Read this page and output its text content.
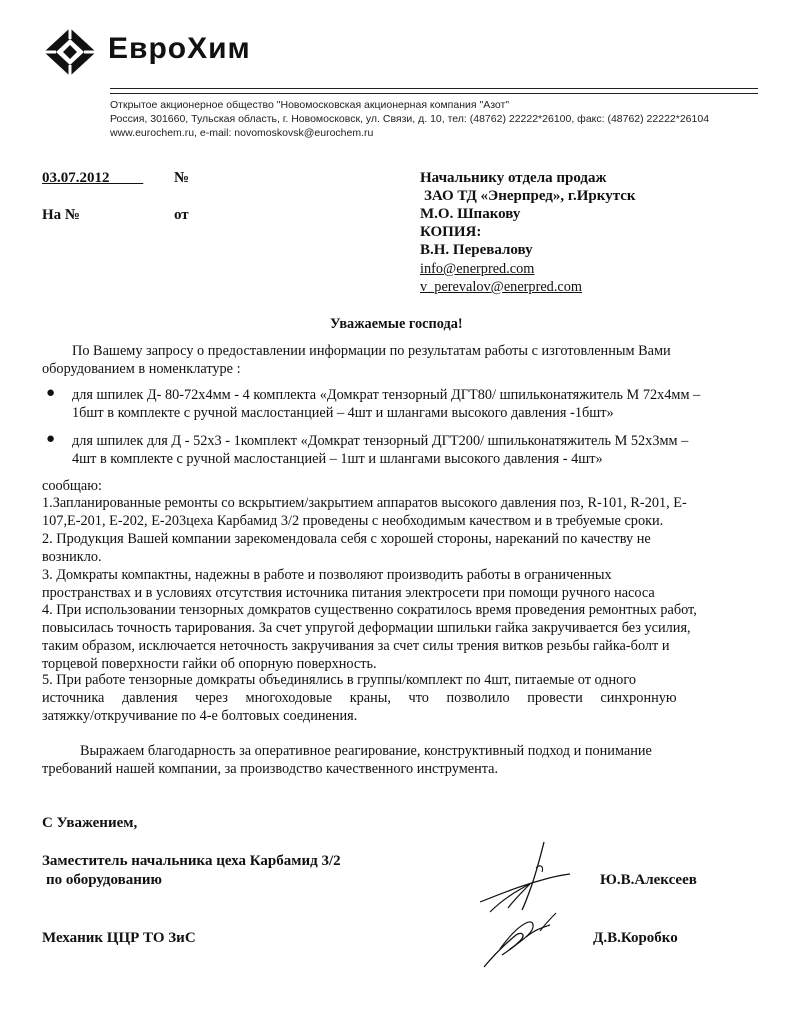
ЕвроХим
Открытое акционерное общество "Новомосковская акционерная компания "Азот"
Россия, 301660, Тульская область, г. Новомосковск, ул. Связи, д. 10, тел: (48762) 22222*26100, факс: (48762) 22222*26104
www.eurochem.ru, e-mail: novomoskovsk@eurochem.ru
03.07.2012	№
На №	от
Начальнику отдела продаж
ЗАО ТД «Энерпред», г.Иркутск
М.О. Шпакову
КОПИЯ:
В.Н. Перевалову
info@enerpred.com
v_perevalov@enerpred.com
Уважаемые господа!
По Вашему запросу о предоставлении информации по результатам работы с изготовленным Вами
оборудованием в номенклатуре :
● для шпилек Д- 80-72х4мм - 4 комплекта «Домкрат тензорный ДГТ80/ шпильконатяжитель М 72х4мм –
1бшт в комплекте с ручной маслостанцией – 4шт и шлангами высокого давления -1бшт»
● для шпилек для Д - 52х3 - 1комплект «Домкрат тензорный ДГТ200/ шпильконатяжитель М 52х3мм –
4шт в комплекте с ручной маслостанцией – 1шт и шлангами высокого давления - 4шт»
сообщаю:
1.Запланированные ремонты со вскрытием/закрытием аппаратов высокого давления поз, R-101, R-201, E-
107,E-201, E-202, E-203цеха Карбамид 3/2 проведены с необходимым качеством и в требуемые сроки.
2. Продукция Вашей компании зарекомендовала себя с хорошей стороны, нареканий по качеству не
возникло.
3. Домкраты компактны, надежны в работе и позволяют производить работы в ограниченных
пространствах и в условиях отсутствия источника питания электросети при помощи ручного насоса
4. При использовании тензорных домкратов существенно сократилось время проведения ремонтных работ,
повысилась точность тарирования. За счет упругой деформации шпильки гайка закручивается без усилия,
таким образом, исключается неточность закручивания за счет силы трения витков резьбы гайка-болт и
торцевой поверхности гайки об опорную поверхность.
5. При работе тензорные домкраты объединялись в группы/комплект по 4шт, питаемые от одного
источника давления через многоходовые краны, что позволило провести синхронную
затяжку/откручивание по 4-е болтовых соединения.
Выражаем благодарность за оперативное реагирование, конструктивный подход и понимание
требований нашей компании, за производство качественного инструмента.
С Уважением,
Заместитель начальника цеха Карбамид 3/2
по оборудованию	Ю.В.Алексеев
Механик ЦЦР ТО ЗиС	Д.В.Коробко
